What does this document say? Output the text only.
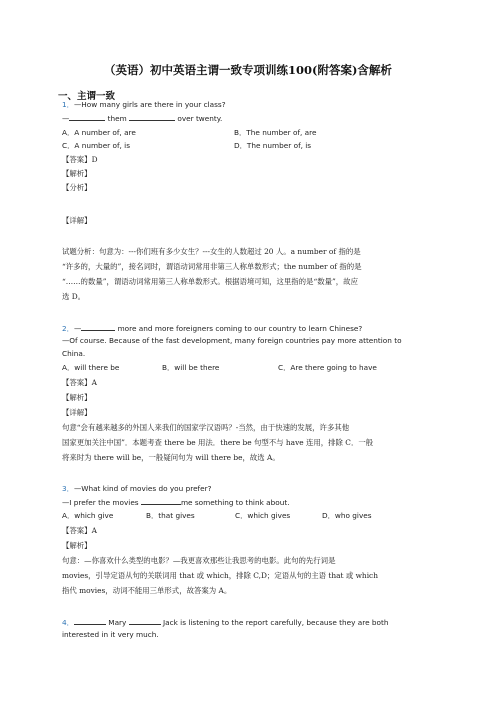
（英语）初中英语主谓一致专项训练100(附答案)含解析
一、主谓一致
1．—How many girls are there in your class?
—	them	over twenty.
A．A number of, are	B．The number of, are
C．A number of, is	D．The number of, is
【答案】D
【解析】
【分析】
【详解】
试题分析：句意为：---你们班有多少女生？---女生的人数超过 20 人。a number of 指的是
“许多的，大量的”，接名词时，谓语动词常用非第三人称单数形式；the number of 指的是
“……的数量”，谓语动词常用第三人称单数形式。根据语境可知，这里指的是“数量”，故应
选 D。
2．—	more and more foreigners coming to our country to learn Chinese?
—Of course. Because of the fast development, many foreign countries pay more attention to
China.
A．will there be	B．will be there	C．Are there going to have
【答案】A
【解析】
【详解】
句意“会有越来越多的外国人来我们的国家学汉语吗？-当然，由于快速的发展，许多其他
国家更加关注中国”．本题考查 there be 用法．there be 句型不与 have 连用，排除 C．一般
将来时为 there will be，一般疑问句为 will there be，故选 A。
3．—What kind of movies do you prefer?
—I prefer the movies	me something to think about.
A．which give	B．that gives	C．which gives	D．who gives
【答案】A
【解析】
句意：—你喜欢什么类型的电影？—我更喜欢那些让我思考的电影。此句的先行词是
movies，引导定语从句的关联词用 that 或 which，排除 C,D；定语从句的主语 that 或 which
指代 movies，动词不能用三单形式，故答案为 A。
4．	Mary	Jack is listening to the report carefully, because they are both
interested in it very much.
